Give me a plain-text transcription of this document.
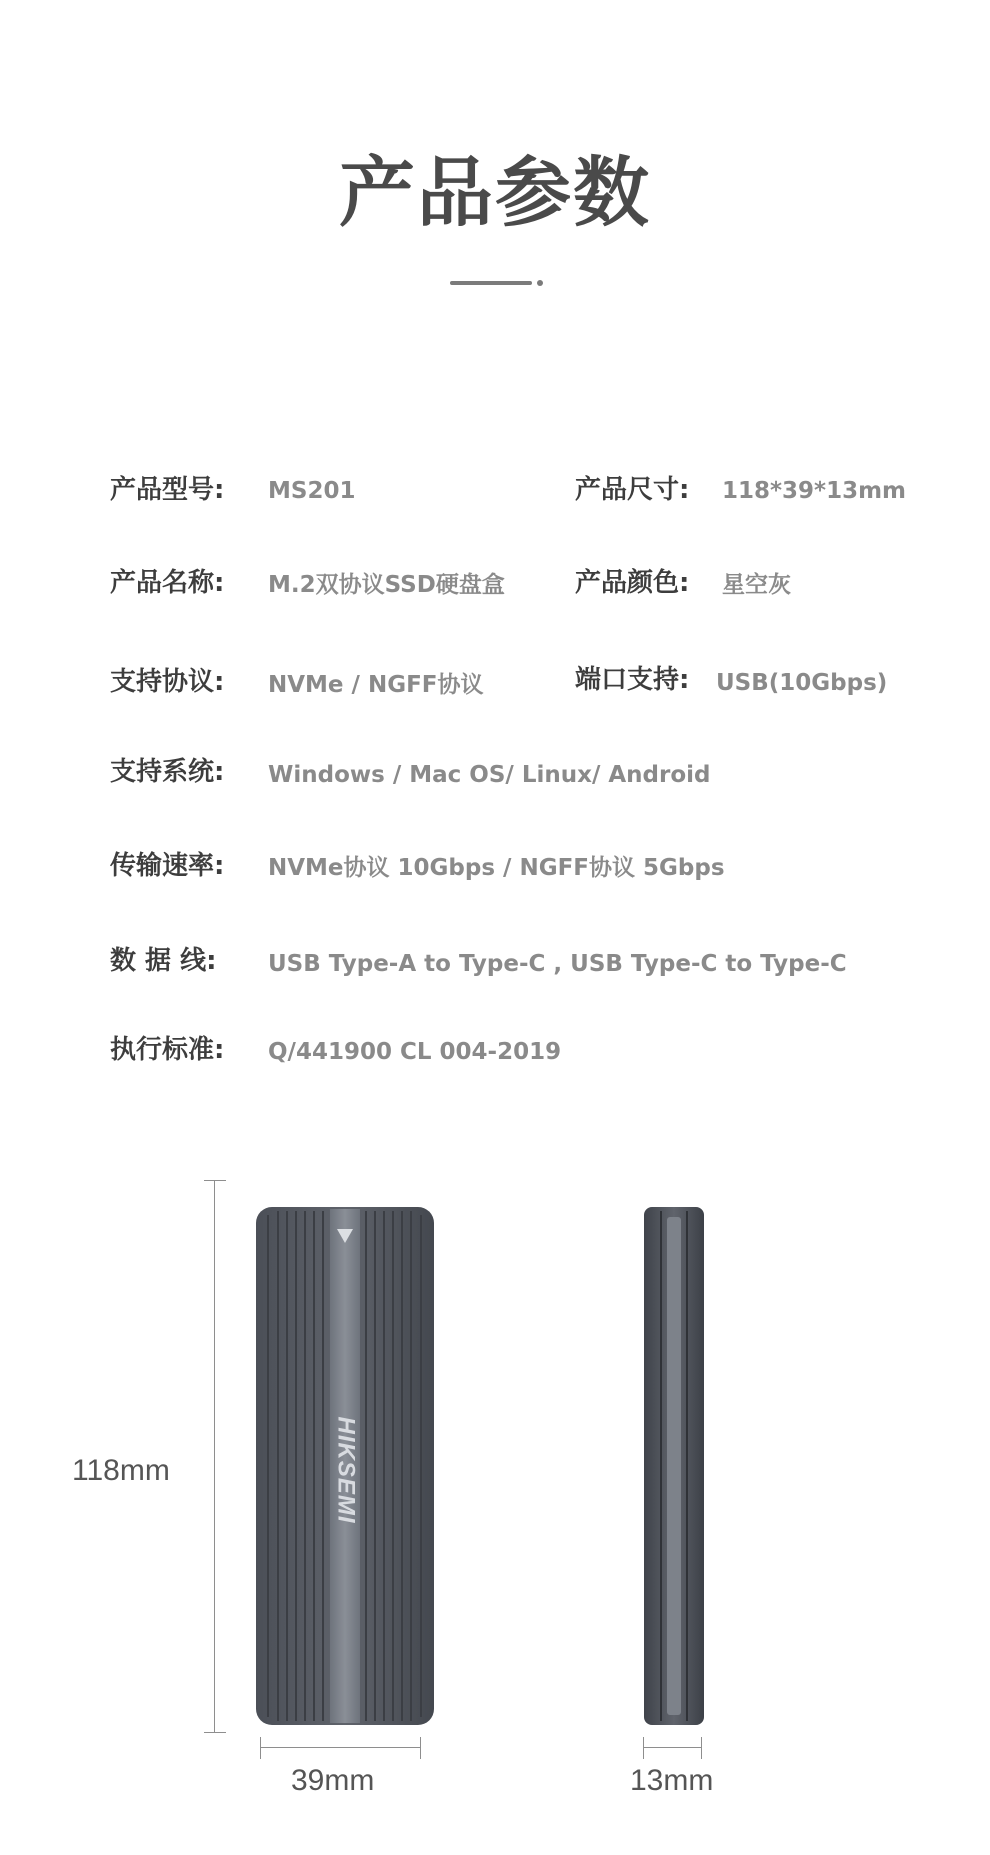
产品参数
产品型号: MS201	产品尺寸: 118*39*13mm
产品名称: M.2双协议SSD硬盘盒	产品颜色: 星空灰
支持协议: NVMe / NGFF协议	端口支持: USB(10Gbps)
支持系统: Windows / Mac OS/ Linux/ Android
传输速率: NVMe协议 10Gbps / NGFF协议 5Gbps
数 据 线: USB Type-A to Type-C , USB Type-C to Type-C
执行标准: Q/441900 CL 004-2019
118mm
39mm	13mm
HIKSEMI
